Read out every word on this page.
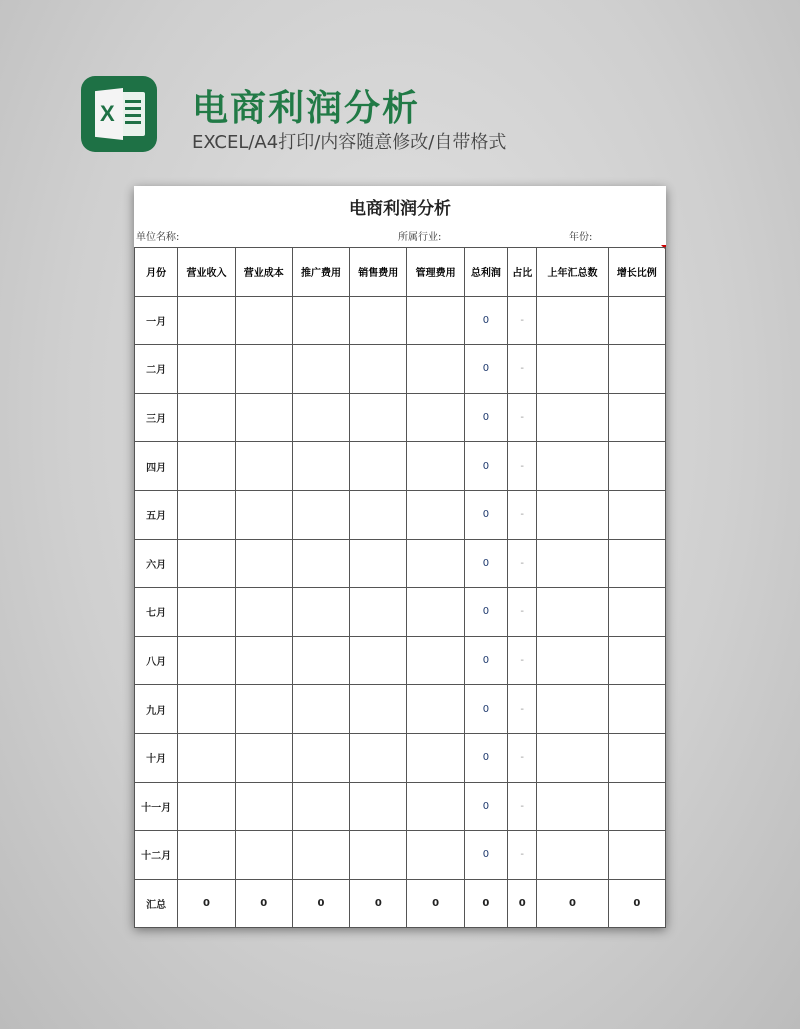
X 电商利润分析
EXCEL/A4打印/内容随意修改/自带格式
电商利润分析
单位名称:	所属行业:	年份:
月份	营业收入	营业成本	推广费用	销售费用	管理费用	总利润	占比	上年汇总数	增长比例
一月						0	-		
二月						0	-		
三月						0	-		
四月						0	-		
五月						0	-		
六月						0	-		
七月						0	-		
八月						0	-		
九月						0	-		
十月						0	-		
十一月						0	-		
十二月						0	-		
汇总	0	0	0	0	0	0	0	0	0
